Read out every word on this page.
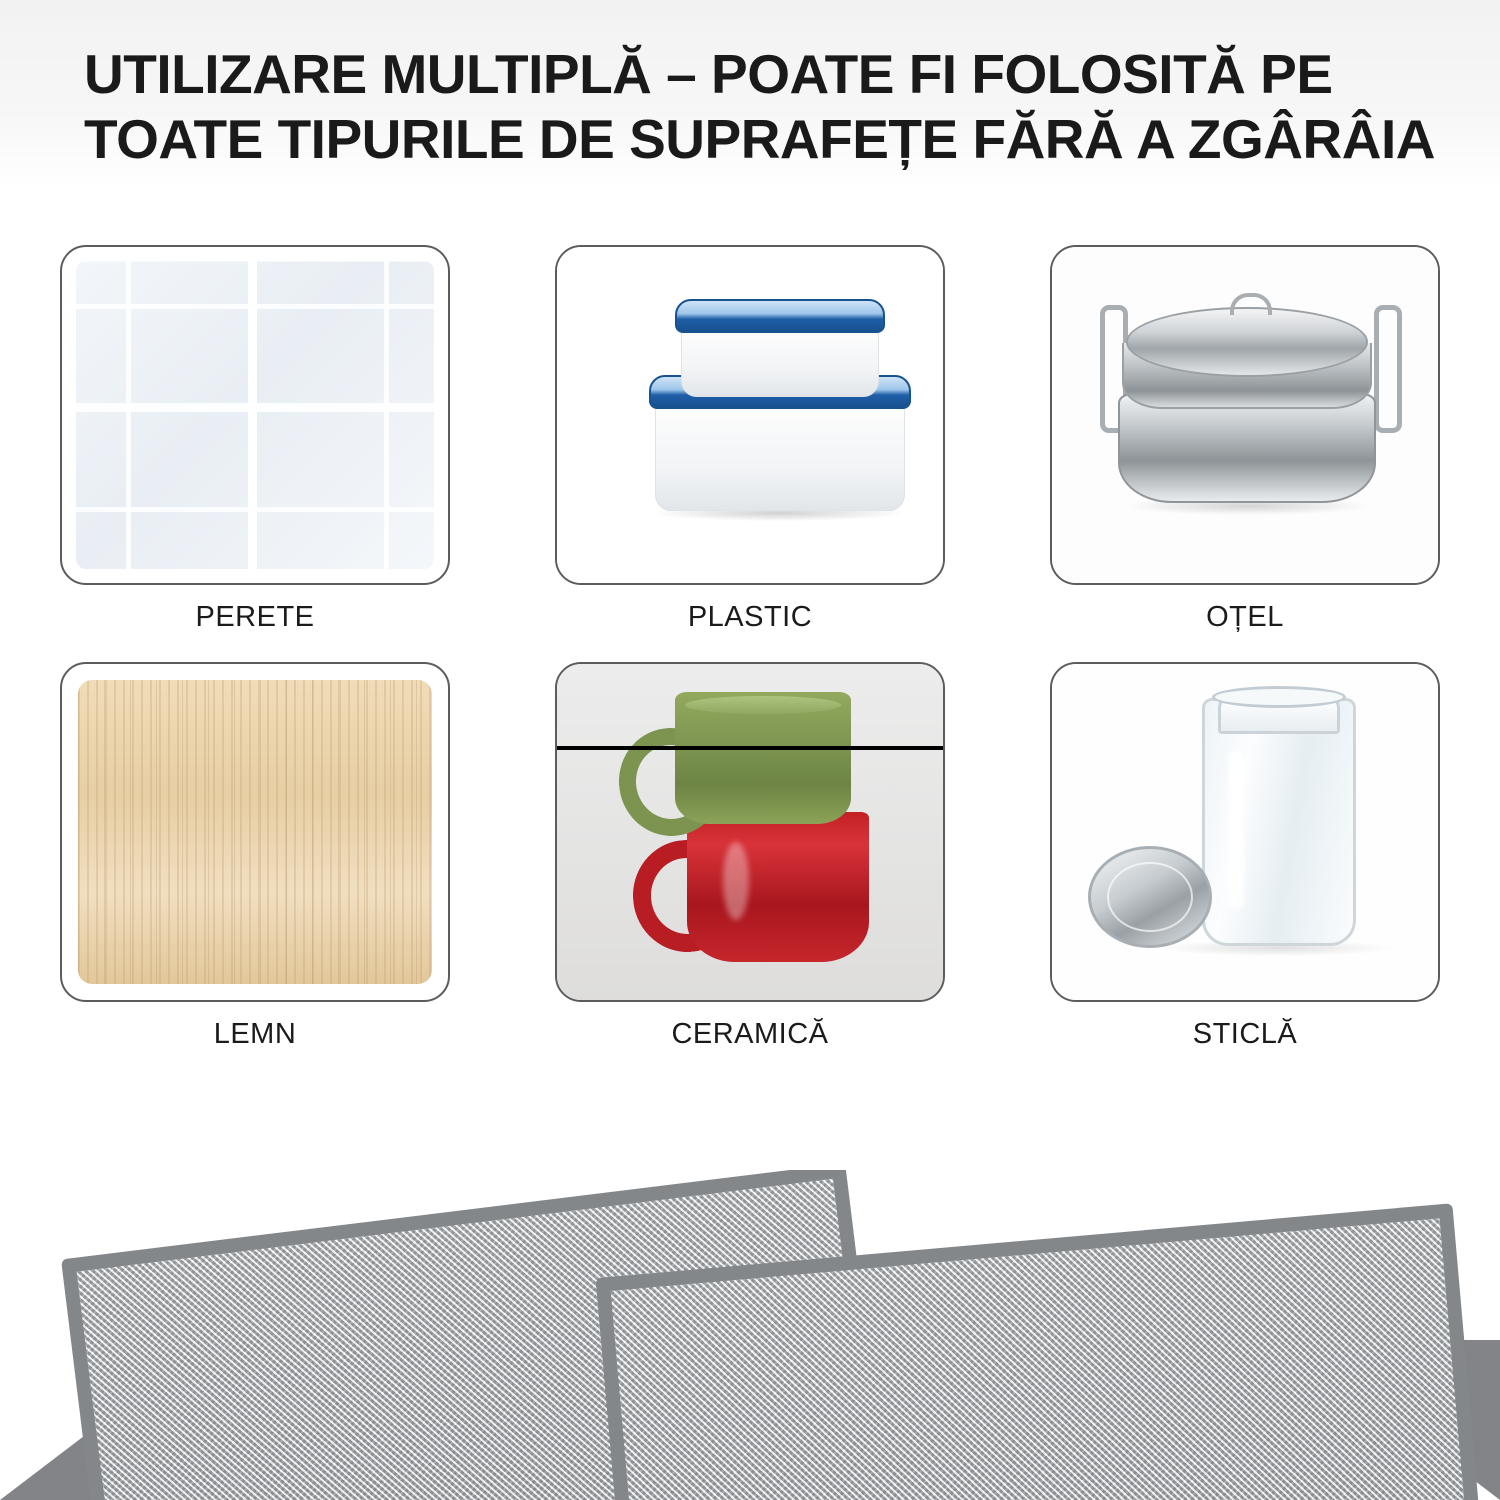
UTILIZARE MULTIPLĂ – POATE FI FOLOSITĂ PE TOATE TIPURILE DE SUPRAFEȚE FĂRĂ A ZGÂRÂIA
PERETE	PLASTIC	OȚEL
LEMN	CERAMICĂ	STICLĂ
